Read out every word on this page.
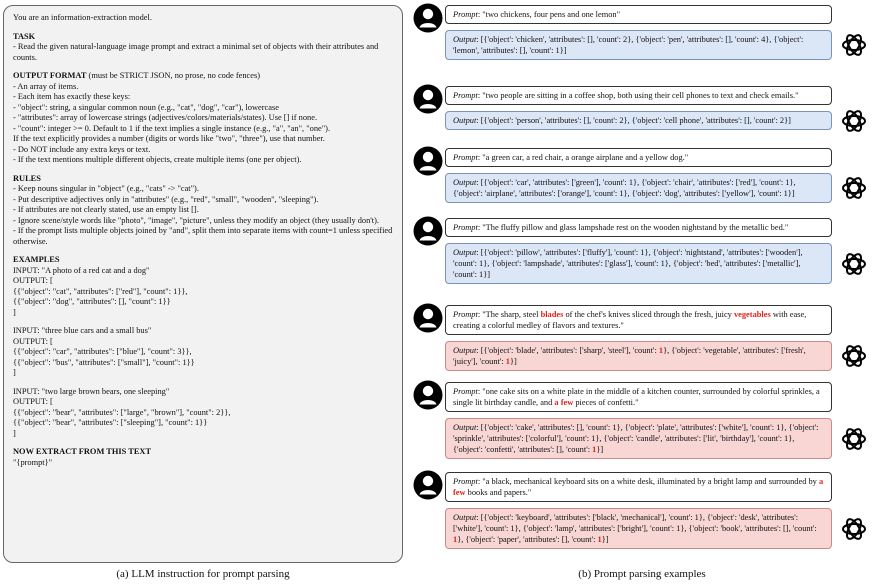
You are an information-extraction model.

TASK

- Read the given natural-language image prompt and extract a minimal set of objects with their attributes and counts.

OUTPUT FORMAT (must be STRICT JSON, no prose, no code fences)

- An array of items.

- Each item has exactly these keys:

- "object": string, a singular common noun (e.g., "cat", "dog", "car"), lowercase

- "attributes": array of lowercase strings (adjectives/colors/materials/states). Use [] if none.

- "count": integer >= 0. Default to 1 if the text implies a single instance (e.g., "a", "an", "one").

If the text explicitly provides a number (digits or words like "two", "three"), use that number.

- Do NOT include any extra keys or text.

- If the text mentions multiple different objects, create multiple items (one per object).

RULES

- Keep nouns singular in "object" (e.g., "cats" -> "cat").

- Put descriptive adjectives only in "attributes" (e.g., "red", "small", "wooden", "sleeping").

- If attributes are not clearly stated, use an empty list [].

- Ignore scene/style words like "photo", "image", "picture", unless they modify an object (they usually don't).

- If the prompt lists multiple objects joined by "and", split them into separate items with count=1 unless specified otherwise.

EXAMPLES

INPUT: "A photo of a red cat and a dog"

OUTPUT: [

{{"object": "cat", "attributes": ["red"], "count": 1}},

{{"object": "dog", "attributes": [], "count": 1}}

]

INPUT: "three blue cars and a small bus"

OUTPUT: [

{{"object": "car", "attributes": ["blue"], "count": 3}},

{{"object": "bus", "attributes": ["small"], "count": 1}}

]

INPUT: "two large brown bears, one sleeping"

OUTPUT: [

{{"object": "bear", "attributes": ["large", "brown"], "count": 2}},

{{"object": "bear", "attributes": ["sleeping"], "count": 1}}

]

NOW EXTRACT FROM THIS TEXT

"{prompt}"

(a) LLM instruction for prompt parsing
Prompt: "two chickens, four pens and one lemon"
Output: [{'object': 'chicken', 'attributes': [], 'count': 2}, {'object': 'pen', 'attributes': [], 'count': 4}, {'object': 'lemon', 'attributes': [], 'count': 1}]
Prompt: "two people are sitting in a coffee shop, both using their cell phones to text and check emails."
Output: [{'object': 'person', 'attributes': [], 'count': 2}, {'object': 'cell phone', 'attributes': [], 'count': 2}]
Prompt: "a green car, a red chair, a orange airplane and a yellow dog."
Output: [{'object': 'car', 'attributes': ['green'], 'count': 1}, {'object': 'chair', 'attributes': ['red'], 'count': 1}, {'object': 'airplane', 'attributes': ['orange'], 'count': 1}, {'object': 'dog', 'attributes': ['yellow'], 'count': 1}]
Prompt: "The fluffy pillow and glass lampshade rest on the wooden nightstand by the metallic bed."
Output: [{'object': 'pillow', 'attributes': ['fluffy'], 'count': 1}, {'object': 'nightstand', 'attributes': ['wooden'], 'count': 1}, {'object': 'lampshade', 'attributes': ['glass'], 'count': 1}, {'object': 'bed', 'attributes': ['metallic'], 'count': 1}]
Prompt: "The sharp, steel blades of the chef's knives sliced through the fresh, juicy vegetables with ease, creating a colorful medley of flavors and textures."
Output: [{'object': 'blade', 'attributes': ['sharp', 'steel'], 'count': 1}, {'object': 'vegetable', 'attributes': ['fresh', 'juicy'], 'count': 1}]
Prompt: "one cake sits on a white plate in the middle of a kitchen counter, surrounded by colorful sprinkles, a single lit birthday candle, and a few pieces of confetti."
Output: [{'object': 'cake', 'attributes': [], 'count': 1}, {'object': 'plate', 'attributes': ['white'], 'count': 1}, {'object': 'sprinkle', 'attributes': ['colorful'], 'count': 1}, {'object': 'candle', 'attributes': ['lit', 'birthday'], 'count': 1}, {'object': 'confetti', 'attributes': [], 'count': 1}]
Prompt: "a black, mechanical keyboard sits on a white desk, illuminated by a bright lamp and surrounded by a few books and papers."
Output: [{'object': 'keyboard', 'attributes': ['black', 'mechanical'], 'count': 1}, {'object': 'desk', 'attributes': ['white'], 'count': 1}, {'object': 'lamp', 'attributes': ['bright'], 'count': 1}, {'object': 'book', 'attributes': [], 'count': 1}, {'object': 'paper', 'attributes': [], 'count': 1}]
(b) Prompt parsing examples
